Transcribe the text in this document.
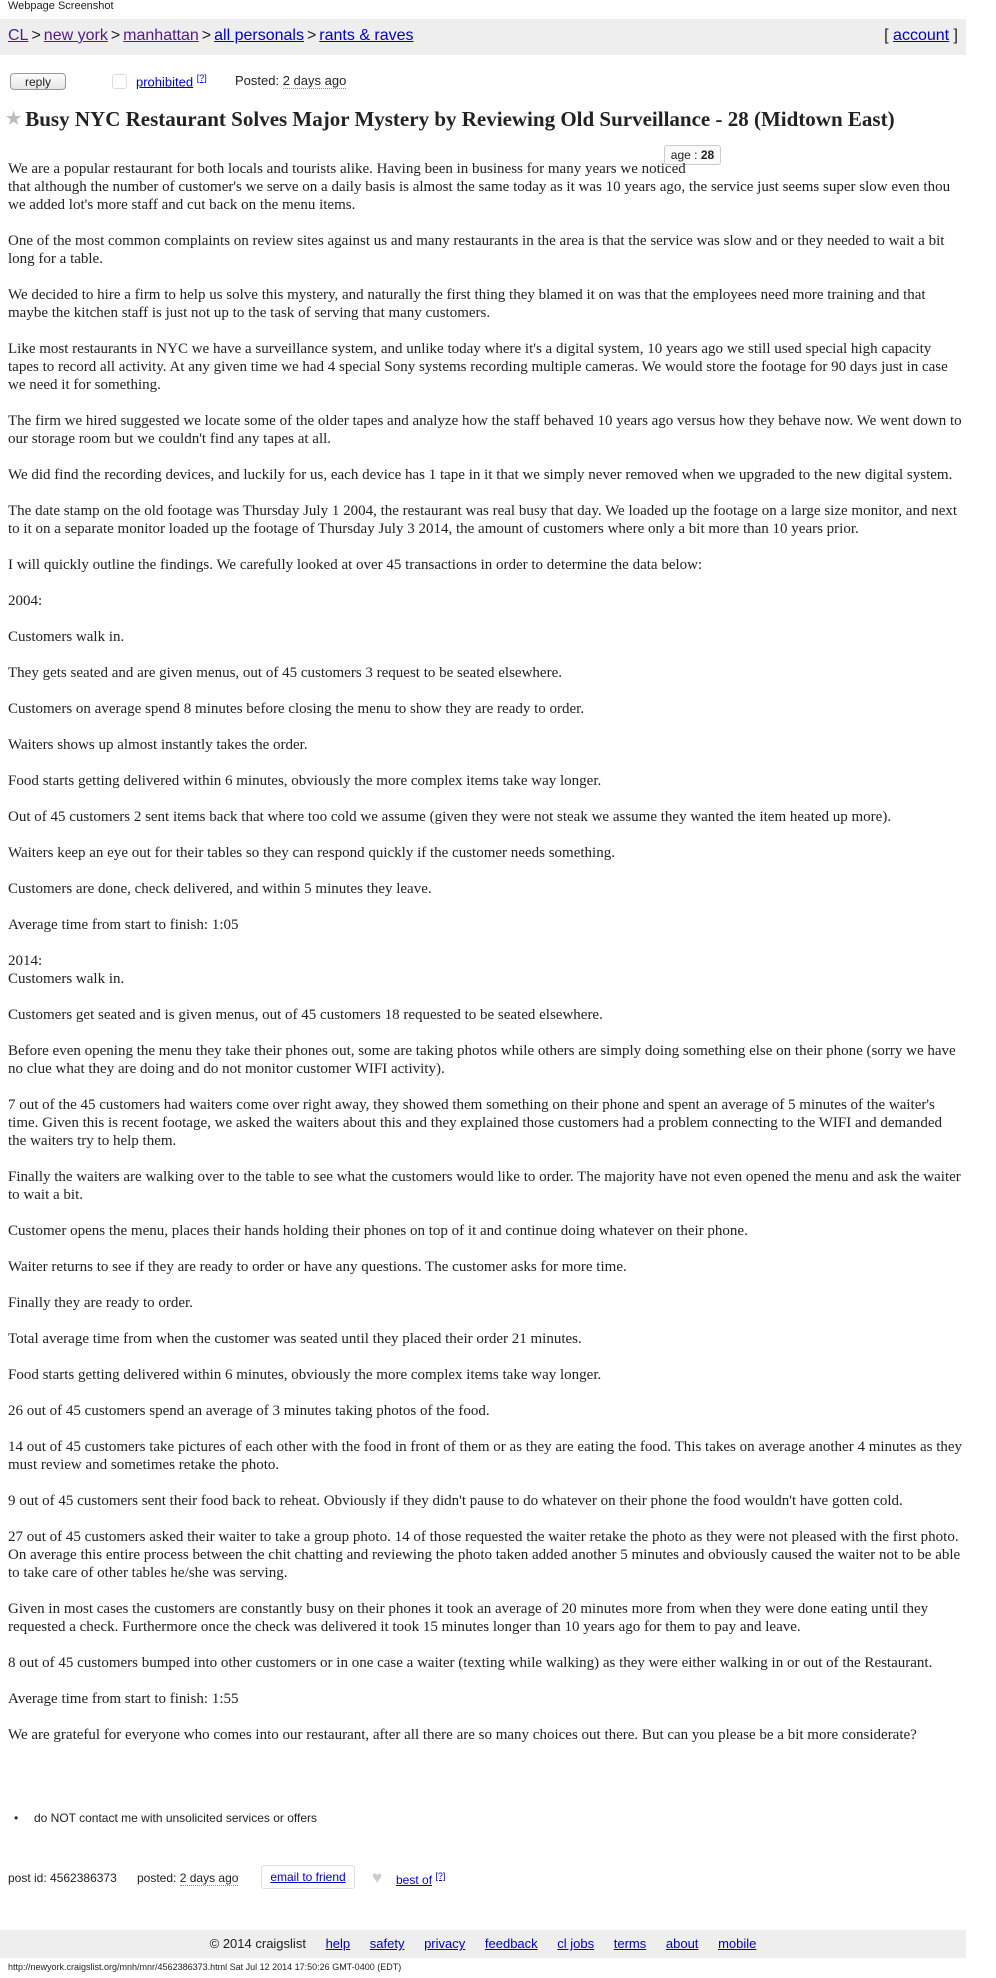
Webpage Screenshot
CL > new york > manhattan > all personals > rants & raves	[ account ]
reply	prohibited [?] Posted: 2 days ago
★ Busy NYC Restaurant Solves Major Mystery by Reviewing Old Surveillance - 28 (Midtown East)
age : 28

We are a popular restaurant for both locals and tourists alike. Having been in business for many years we noticed that although the number of customer's we serve on a daily basis is almost the same today as it was 10 years ago, the service just seems super slow even thou we added lot's more staff and cut back on the menu items.

One of the most common complaints on review sites against us and many restaurants in the area is that the service was slow and or they needed to wait a bit long for a table.

We decided to hire a firm to help us solve this mystery, and naturally the first thing they blamed it on was that the employees need more training and that maybe the kitchen staff is just not up to the task of serving that many customers.

Like most restaurants in NYC we have a surveillance system, and unlike today where it's a digital system, 10 years ago we still used special high capacity tapes to record all activity. At any given time we had 4 special Sony systems recording multiple cameras. We would store the footage for 90 days just in case we need it for something.

The firm we hired suggested we locate some of the older tapes and analyze how the staff behaved 10 years ago versus how they behave now. We went down to our storage room but we couldn't find any tapes at all.

We did find the recording devices, and luckily for us, each device has 1 tape in it that we simply never removed when we upgraded to the new digital system.

The date stamp on the old footage was Thursday July 1 2004, the restaurant was real busy that day. We loaded up the footage on a large size monitor, and next to it on a separate monitor loaded up the footage of Thursday July 3 2014, the amount of customers where only a bit more than 10 years prior.

I will quickly outline the findings. We carefully looked at over 45 transactions in order to determine the data below:

2004:

Customers walk in.

They gets seated and are given menus, out of 45 customers 3 request to be seated elsewhere.

Customers on average spend 8 minutes before closing the menu to show they are ready to order.

Waiters shows up almost instantly takes the order.

Food starts getting delivered within 6 minutes, obviously the more complex items take way longer.

Out of 45 customers 2 sent items back that where too cold we assume (given they were not steak we assume they wanted the item heated up more).

Waiters keep an eye out for their tables so they can respond quickly if the customer needs something.

Customers are done, check delivered, and within 5 minutes they leave.

Average time from start to finish: 1:05

2014:

Customers walk in.

Customers get seated and is given menus, out of 45 customers 18 requested to be seated elsewhere.

Before even opening the menu they take their phones out, some are taking photos while others are simply doing something else on their phone (sorry we have no clue what they are doing and do not monitor customer WIFI activity).

7 out of the 45 customers had waiters come over right away, they showed them something on their phone and spent an average of 5 minutes of the waiter's time. Given this is recent footage, we asked the waiters about this and they explained those customers had a problem connecting to the WIFI and demanded the waiters try to help them.

Finally the waiters are walking over to the table to see what the customers would like to order. The majority have not even opened the menu and ask the waiter to wait a bit.

Customer opens the menu, places their hands holding their phones on top of it and continue doing whatever on their phone.

Waiter returns to see if they are ready to order or have any questions. The customer asks for more time.

Finally they are ready to order.

Total average time from when the customer was seated until they placed their order 21 minutes.

Food starts getting delivered within 6 minutes, obviously the more complex items take way longer.

26 out of 45 customers spend an average of 3 minutes taking photos of the food.

14 out of 45 customers take pictures of each other with the food in front of them or as they are eating the food. This takes on average another 4 minutes as they must review and sometimes retake the photo.

9 out of 45 customers sent their food back to reheat. Obviously if they didn't pause to do whatever on their phone the food wouldn't have gotten cold.

27 out of 45 customers asked their waiter to take a group photo. 14 of those requested the waiter retake the photo as they were not pleased with the first photo. On average this entire process between the chit chatting and reviewing the photo taken added another 5 minutes and obviously caused the waiter not to be able to take care of other tables he/she was serving.

Given in most cases the customers are constantly busy on their phones it took an average of 20 minutes more from when they were done eating until they requested a check. Furthermore once the check was delivered it took 15 minutes longer than 10 years ago for them to pay and leave.

8 out of 45 customers bumped into other customers or in one case a waiter (texting while walking) as they were either walking in or out of the Restaurant.

Average time from start to finish: 1:55

We are grateful for everyone who comes into our restaurant, after all there are so many choices out there. But can you please be a bit more considerate?

• do NOT contact me with unsolicited services or offers
post id: 4562386373 posted: 2 days ago	email to friend	♥ best of [?]
© 2014 craigslist help safety privacy feedback cl jobs terms about mobile
http://newyork.craigslist.org/mnh/mnr/4562386373.html Sat Jul 12 2014 17:50:26 GMT-0400 (EDT)
